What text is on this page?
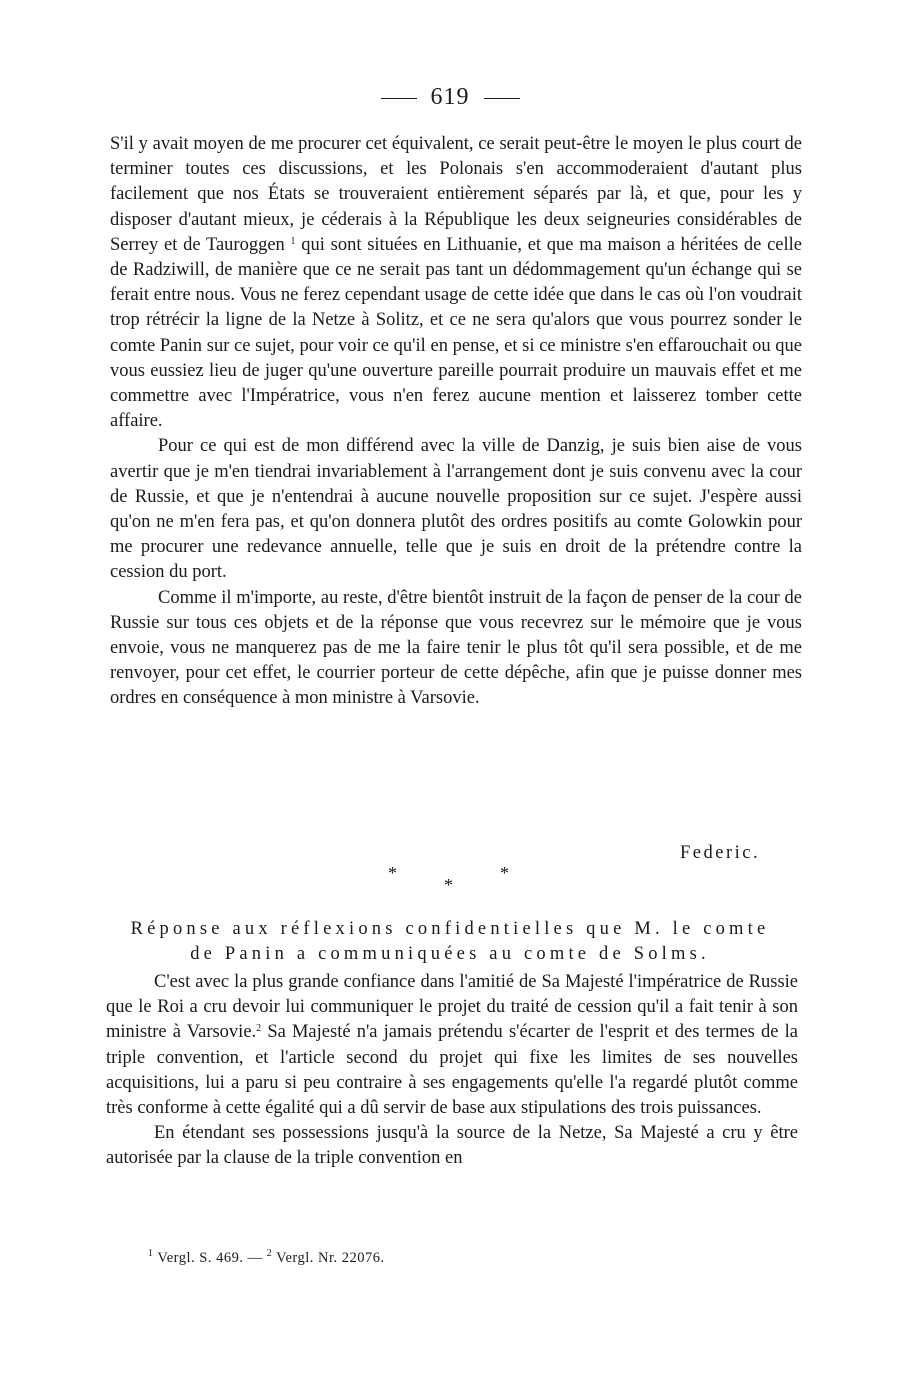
619

S'il y avait moyen de me procurer cet équivalent, ce serait peut-être le moyen le plus court de terminer toutes ces discussions, et les Polonais s'en accommoderaient d'autant plus facilement que nos États se trouveraient entièrement séparés par là, et que, pour les y disposer d'autant mieux, je céderais à la République les deux seigneuries considérables de Serrey et de Tauroggen $^1$ qui sont situées en Lithuanie, et que ma maison a héritées de celle de Radziwill, de manière que ce ne serait pas tant un dédommagement qu'un échange qui se ferait entre nous. Vous ne ferez cependant usage de cette idée que dans le cas où l'on voudrait trop rétrécir la ligne de la Netze à Solitz, et ce ne sera qu'alors que vous pourrez sonder le comte Panin sur ce sujet, pour voir ce qu'il en pense, et si ce ministre s'en effarouchait ou que vous eussiez lieu de juger qu'une ouverture pareille pourrait produire un mauvais effet et me commettre avec l'Impératrice, vous n'en ferez aucune mention et laisserez tomber cette affaire.

Pour ce qui est de mon différend avec la ville de Danzig, je suis bien aise de vous avertir que je m'en tiendrai invariablement à l'arrangement dont je suis convenu avec la cour de Russie, et que je n'entendrai à aucune nouvelle proposition sur ce sujet. J'espère aussi qu'on ne m'en fera pas, et qu'on donnera plutôt des ordres positifs au comte Golowkin pour me procurer une redevance annuelle, telle que je suis en droit de la prétendre contre la cession du port.

Comme il m'importe, au reste, d'être bientôt instruit de la façon de penser de la cour de Russie sur tous ces objets et de la réponse que vous recevrez sur le mémoire que je vous envoie, vous ne manquerez pas de me la faire tenir le plus tôt qu'il sera possible, et de me renvoyer, pour cet effet, le courrier porteur de cette dépêche, afin que je puisse donner mes ordres en conséquence à mon ministre à Varsovie.

Federic.
*	*
*
Réponse aux réflexions confidentielles que M. le comte
de Panin a communiquées au comte de Solms.

C'est avec la plus grande confiance dans l'amitié de Sa Majesté l'impératrice de Russie que le Roi a cru devoir lui communiquer le projet du traité de cession qu'il a fait tenir à son ministre à Varsovie.$^2$ Sa Majesté n'a jamais prétendu s'écarter de l'esprit et des termes de la triple convention, et l'article second du projet qui fixe les limites de ses nouvelles acquisitions, lui a paru si peu contraire à ses engagements qu'elle l'a regardé plutôt comme très conforme à cette égalité qui a dû servir de base aux stipulations des trois puissances.

En étendant ses possessions jusqu'à la source de la Netze, Sa Majesté a cru y être autorisée par la clause de la triple convention en

$^1$ Vergl. S. 469. — $^2$ Vergl. Nr. 22076.
